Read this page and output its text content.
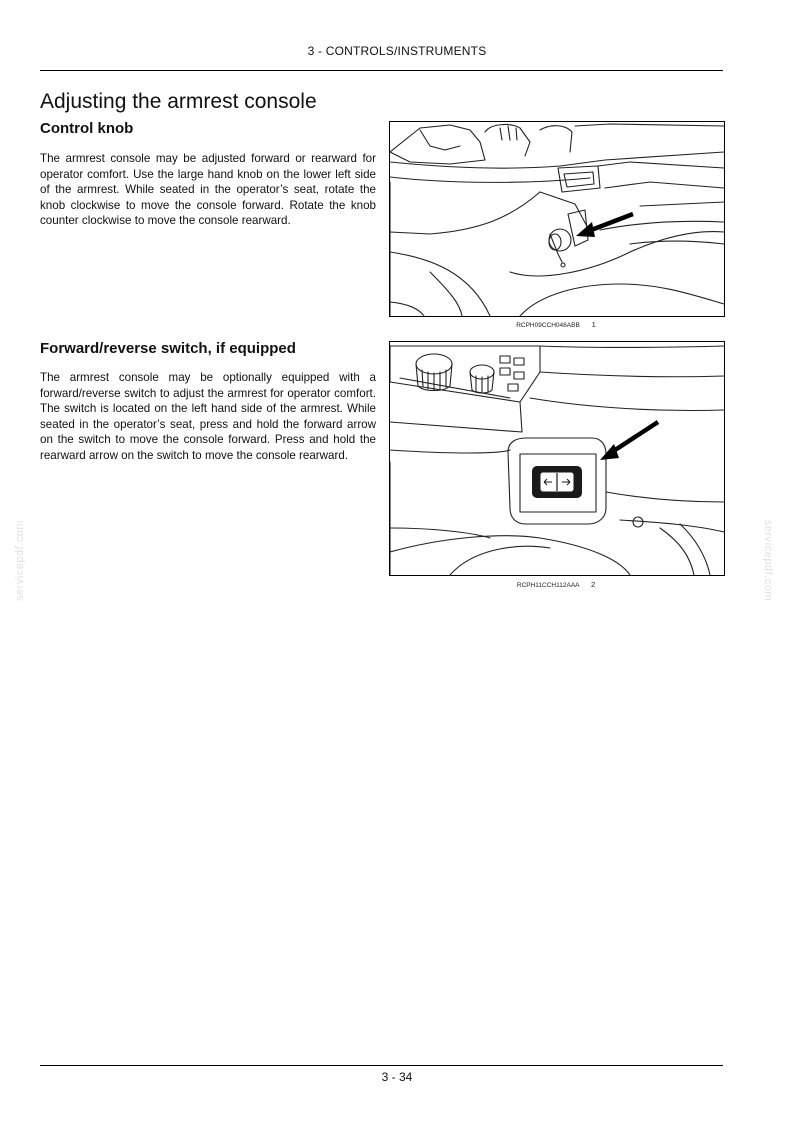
3 - CONTROLS/INSTRUMENTS
Adjusting the armrest console
Control knob

The armrest console may be adjusted forward or rearward for operator comfort. Use the large hand knob on the lower left side of the armrest. While seated in the operator’s seat, rotate the knob clockwise to move the console forward. Rotate the knob counter clockwise to move the console rearward.

RCPH09CCH048ABB 1
Forward/reverse switch, if equipped

The armrest console may be optionally equipped with a forward/reverse switch to adjust the armrest for operator comfort. The switch is located on the left hand side of the armrest. While seated in the operator’s seat, press and hold the forward arrow on the switch to move the console forward. Press and hold the rearward arrow on the switch to move the console rearward.

RCPH11CCH112AAA 2
servicepdf.com	servicepdf.com
3 - 34
